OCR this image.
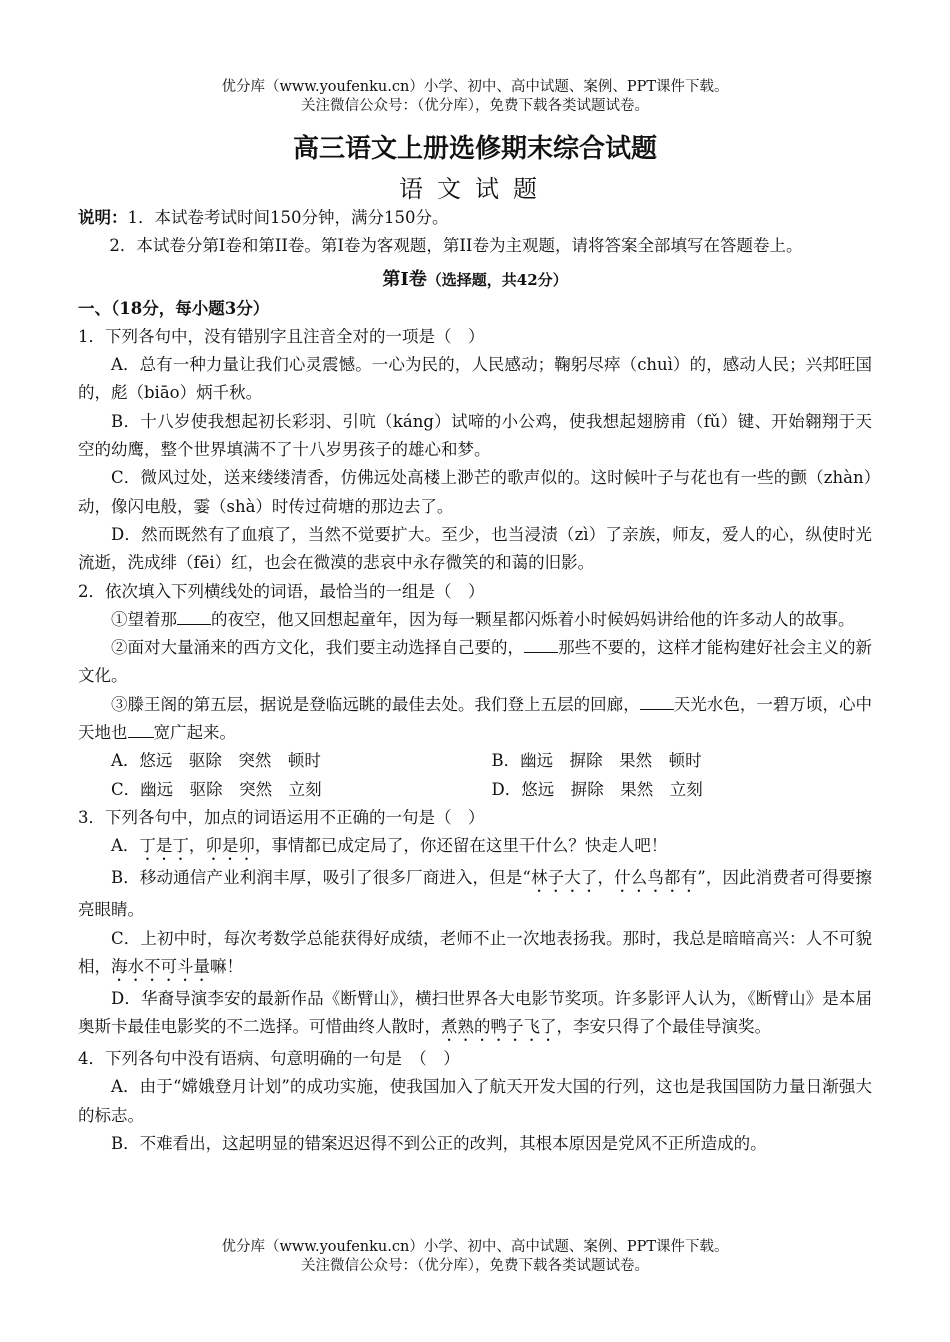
优分库（www.youfenku.cn）小学、初中、高中试题、案例、PPT课件下载。
关注微信公众号：（优分库），免费下载各类试题试卷。
高三语文上册选修期末综合试题
语文试题

说明：1．本试卷考试时间150分钟，满分150分。

2．本试卷分第I卷和第II卷。第I卷为客观题，第II卷为主观题，请将答案全部填写在答题卷上。

第Ⅰ卷（选择题，共42分）

一、（18分，每小题3分）

1．下列各句中，没有错别字且注音全对的一项是（　）

A．总有一种力量让我们心灵震憾。一心为民的，人民感动；鞠躬尽瘁（chuì）的，感动人民；兴邦旺国的，彪（biāo）炳千秋。

B．十八岁使我想起初长彩羽、引吭（káng）试啼的小公鸡，使我想起翅膀甫（fǔ）键、开始翱翔于天空的幼鹰，整个世界填满不了十八岁男孩子的雄心和梦。

C．微风过处，送来缕缕清香，仿佛远处高楼上渺芒的歌声似的。这时候叶子与花也有一些的颤（zhàn）动，像闪电般，霎（shà）时传过荷塘的那边去了。

D．然而既然有了血痕了，当然不觉要扩大。至少，也当浸渍（zì）了亲族，师友，爱人的心，纵使时光流逝，洗成绯（fēi）红，也会在微漠的悲哀中永存微笑的和蔼的旧影。

2．依次填入下列横线处的词语，最恰当的一组是（　）

①望着那 的夜空，他又回想起童年，因为每一颗星都闪烁着小时候妈妈讲给他的许多动人的故事。

②面对大量涌来的西方文化，我们要主动选择自己要的， 那些不要的，这样才能构建好社会主义的新文化。

③滕王阁的第五层，据说是登临远眺的最佳去处。我们登上五层的回廊， 天光水色，一碧万顷，心中天地也 宽广起来。

A．悠远　驱除　突然　顿时	B．幽远　摒除　果然　顿时
C．幽远　驱除　突然　立刻	D．悠远　摒除　果然　立刻

3．下列各句中，加点的词语运用不正确的一句是（　）

A．丁是丁，卯是卯，事情都已成定局了，你还留在这里干什么？快走人吧！

B．移动通信产业利润丰厚，吸引了很多厂商进入，但是“林子大了，什么鸟都有”，因此消费者可得要擦亮眼睛。

C．上初中时，每次考数学总能获得好成绩，老师不止一次地表扬我。那时，我总是暗暗高兴：人不可貌相，海水不可斗量嘛！

D．华裔导演李安的最新作品《断臂山》，横扫世界各大电影节奖项。许多影评人认为，《断臂山》是本届奥斯卡最佳电影奖的不二选择。可惜曲终人散时，煮熟的鸭子飞了，李安只得了个最佳导演奖。

4．下列各句中没有语病、句意明确的一句是　（　）

A．由于“嫦娥登月计划”的成功实施，使我国加入了航天开发大国的行列，这也是我国国防力量日渐强大的标志。

B．不难看出，这起明显的错案迟迟得不到公正的改判，其根本原因是党风不正所造成的。

优分库（www.youfenku.cn）小学、初中、高中试题、案例、PPT课件下载。
关注微信公众号：（优分库），免费下载各类试题试卷。
